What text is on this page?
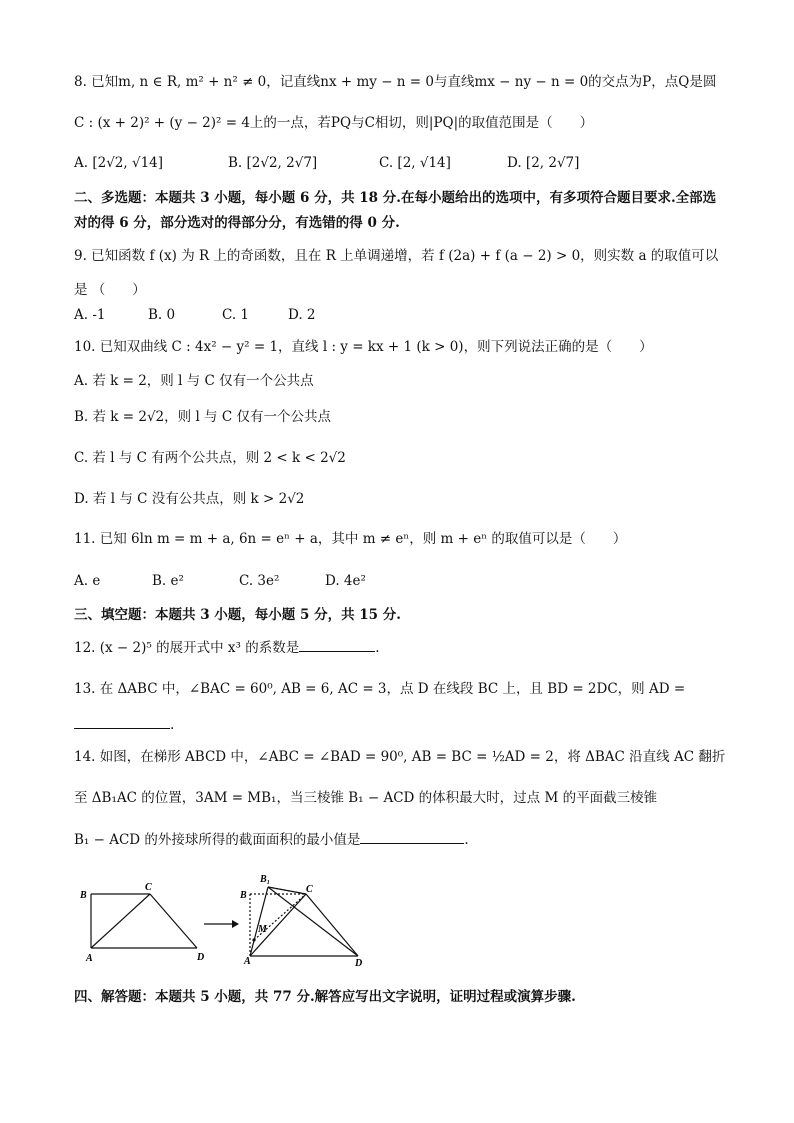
8. 已知m, n ∈ R, m² + n² ≠ 0，记直线nx + my − n = 0与直线mx − ny − n = 0的交点为P，点Q是圆
C : (x + 2)² + (y − 2)² = 4上的一点，若PQ与C相切，则|PQ|的取值范围是（　　）
A. [2√2, √14]	B. [2√2, 2√7]	C. [2, √14]	D. [2, 2√7]
二、多选题：本题共 3 小题，每小题 6 分，共 18 分.在每小题给出的选项中，有多项符合题目要求.全部选
对的得 6 分，部分选对的得部分分，有选错的得 0 分.
9. 已知函数 f (x) 为 R 上的奇函数，且在 R 上单调递增，若 f (2a) + f (a − 2) > 0，则实数 a 的取值可以
是 （　　）
A. -1	B. 0	C. 1	D. 2
10. 已知双曲线 C : 4x² − y² = 1，直线 l : y = kx + 1 (k > 0)，则下列说法正确的是（　　）
A. 若 k = 2，则 l 与 C 仅有一个公共点
B. 若 k = 2√2，则 l 与 C 仅有一个公共点
C. 若 l 与 C 有两个公共点，则 2 < k < 2√2
D. 若 l 与 C 没有公共点，则 k > 2√2
11. 已知 6ln m = m + a, 6n = eⁿ + a，其中 m ≠ eⁿ，则 m + eⁿ 的取值可以是（　　）
A. e	B. e²	C. 3e²	D. 4e²
三、填空题：本题共 3 小题，每小题 5 分，共 15 分.
12. (x − 2)⁵ 的展开式中 x³ 的系数是	.
13. 在 ΔABC 中，∠BAC = 60⁰, AB = 6, AC = 3，点 D 在线段 BC 上，且 BD = 2DC，则 AD =
.
14. 如图，在梯形 ABCD 中，∠ABC = ∠BAD = 90⁰, AB = BC = ½AD = 2，将 ΔBAC 沿直线 AC 翻折
至 ΔB₁AC 的位置，3AM = MB₁，当三棱锥 B₁ − ACD 的体积最大时，过点 M 的平面截三棱锥
B₁ − ACD 的外接球所得的截面面积的最小值是	.
B
C
A	D
B₁
B
C
M
A	D
四、解答题：本题共 5 小题，共 77 分.解答应写出文字说明，证明过程或演算步骤.
